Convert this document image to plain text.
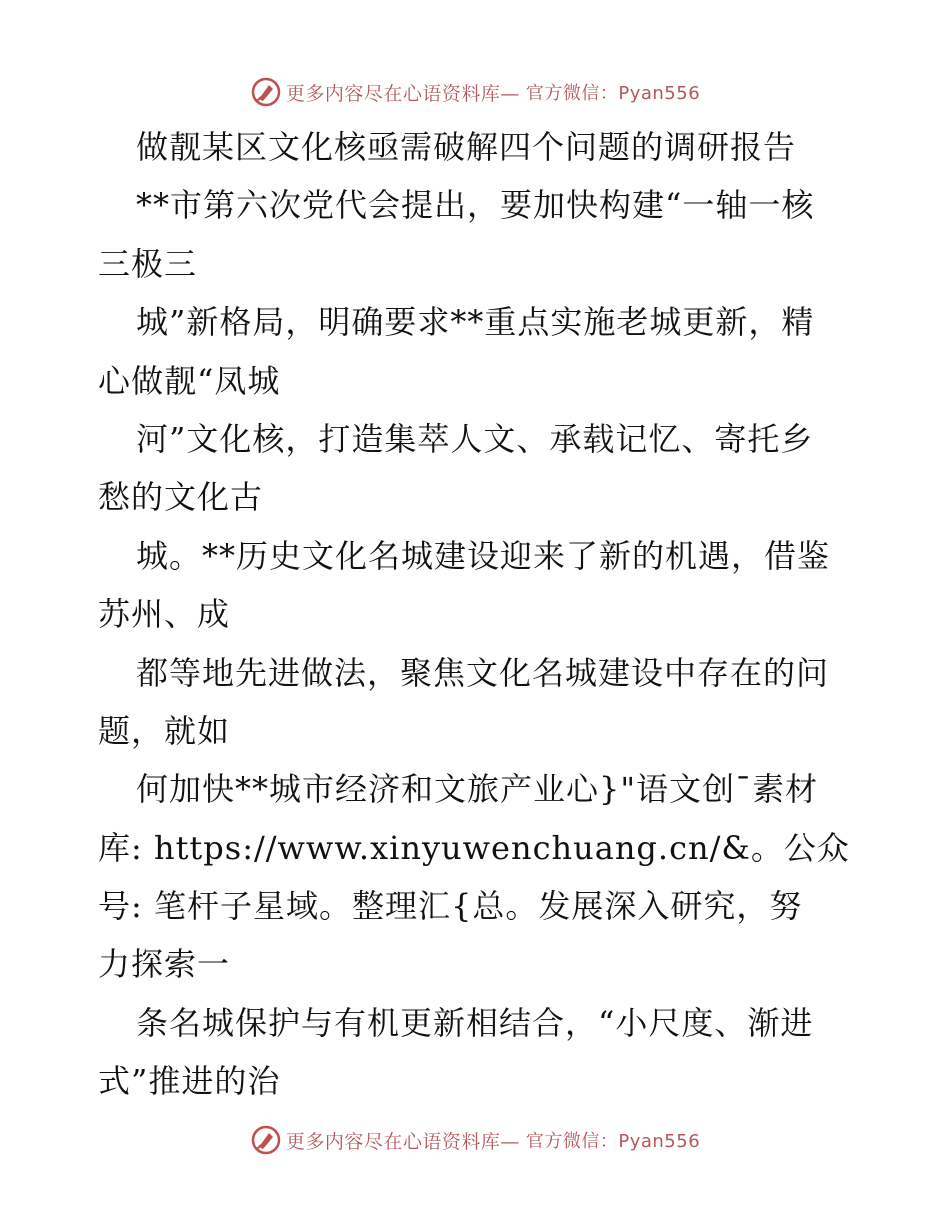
更多内容尽在心语资料库— 官方微信：Pyan556
做靓某区文化核亟需破解四个问题的调研报告
**市第六次党代会提出，要加快构建“一轴一核
三极三
城”新格局，明确要求**重点实施老城更新，精
心做靓“凤城
河”文化核，打造集萃人文、承载记忆、寄托乡
愁的文化古
城。**历史文化名城建设迎来了新的机遇，借鉴
苏州、成
都等地先进做法，聚焦文化名城建设中存在的问
题，就如
何加快**城市经济和文旅产业心}"语文创¯素材
库: https://www.xinyuwenchuang.cn/&。公众
号: 笔杆子星域。整理汇{总。发展深入研究，努
力探索一
条名城保护与有机更新相结合，“小尺度、渐进
式”推进的治
更多内容尽在心语资料库— 官方微信：Pyan556
